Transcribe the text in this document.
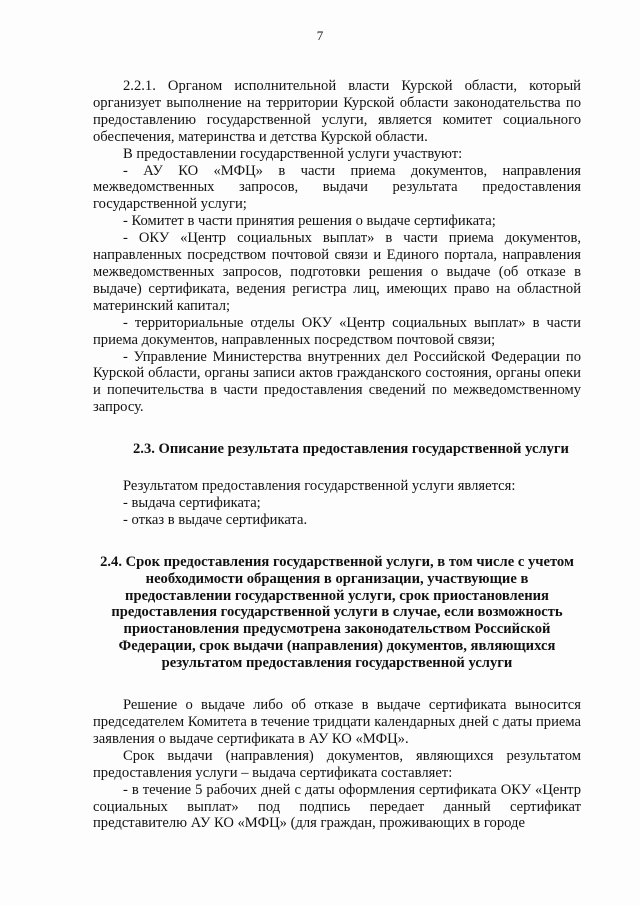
7

2.2.1. Органом исполнительной власти Курской области, который организует выполнение на территории Курской области законодательства по предоставлению государственной услуги, является комитет социального обеспечения, материнства и детства Курской области.

В предоставлении государственной услуги участвуют:

- АУ КО «МФЦ» в части приема документов, направления межведомственных запросов, выдачи результата предоставления государственной услуги;

- Комитет в части принятия решения о выдаче сертификата;

- ОКУ «Центр социальных выплат» в части приема документов, направленных посредством почтовой связи и Единого портала, направления межведомственных запросов, подготовки решения о выдаче (об отказе в выдаче) сертификата, ведения регистра лиц, имеющих право на областной материнский капитал;

- территориальные отделы ОКУ «Центр социальных выплат» в части приема документов, направленных посредством почтовой связи;

- Управление Министерства внутренних дел Российской Федерации по Курской области, органы записи актов гражданского состояния, органы опеки и попечительства в части предоставления сведений по межведомственному запросу.

2.3. Описание результата предоставления государственной услуги

Результатом предоставления государственной услуги является:

- выдача сертификата;

- отказ в выдаче сертификата.

2.4. Срок предоставления государственной услуги, в том числе с учетом необходимости обращения в организации, участвующие в предоставлении государственной услуги, срок приостановления предоставления государственной услуги в случае, если возможность приостановления предусмотрена законодательством Российской Федерации, срок выдачи (направления) документов, являющихся результатом предоставления государственной услуги

Решение о выдаче либо об отказе в выдаче сертификата выносится председателем Комитета в течение тридцати календарных дней с даты приема заявления о выдаче сертификата в АУ КО «МФЦ».

Срок выдачи (направления) документов, являющихся результатом предоставления услуги – выдача сертификата составляет:

- в течение 5 рабочих дней с даты оформления сертификата ОКУ «Центр социальных выплат» под подпись передает данный сертификат представителю АУ КО «МФЦ» (для граждан, проживающих в городе
